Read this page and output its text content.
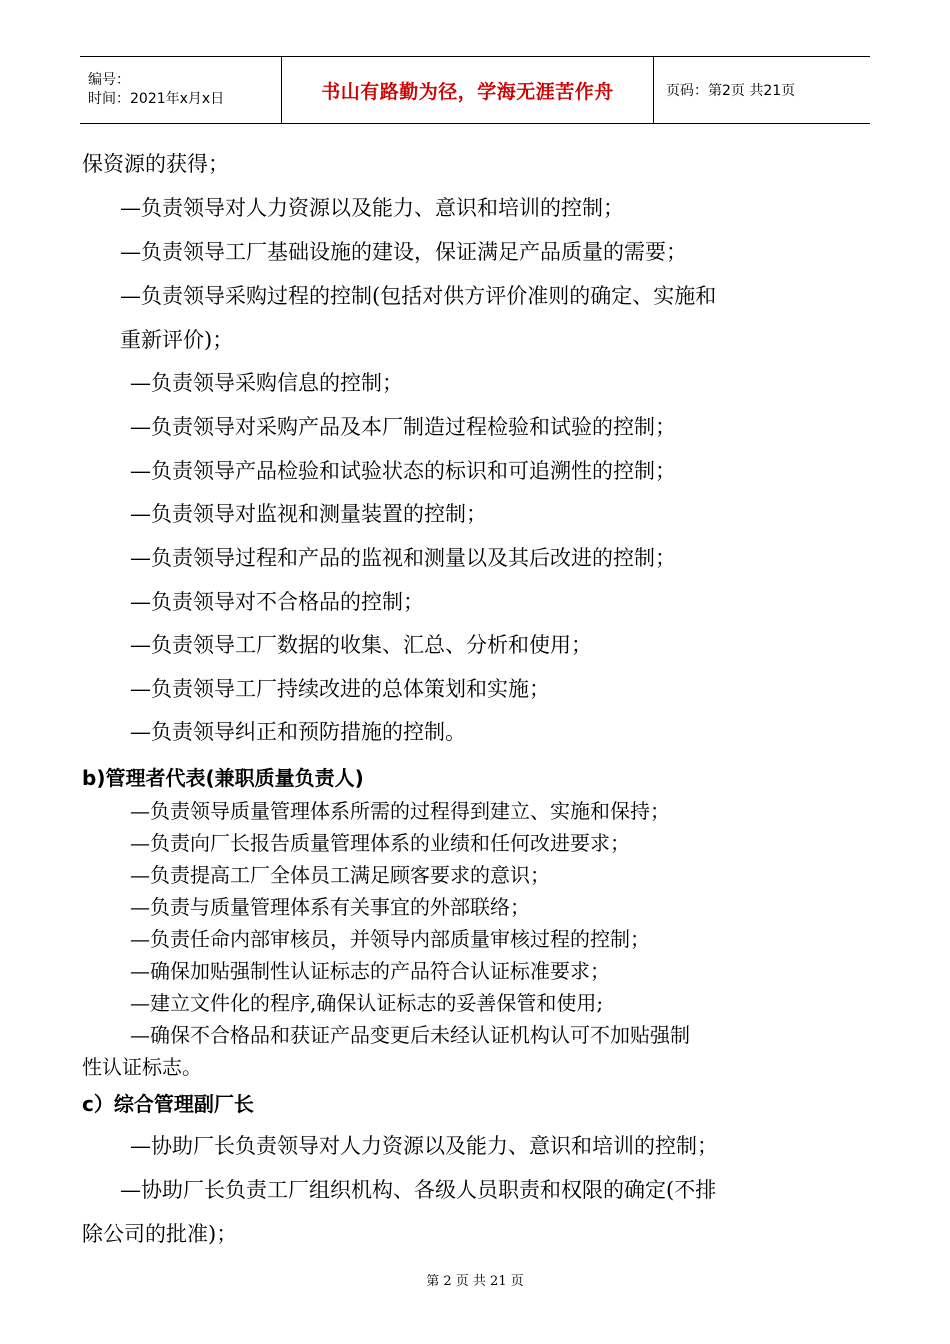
编号：
时间：2021年x月x日	书山有路勤为径，学海无涯苦作舟	页码：第2页 共21页
保资源的获得；
—负责领导对人力资源以及能力、意识和培训的控制；
—负责领导工厂基础设施的建设，保证满足产品质量的需要；
—负责领导采购过程的控制(包括对供方评价准则的确定、实施和
重新评价)；
—负责领导采购信息的控制；
—负责领导对采购产品及本厂制造过程检验和试验的控制；
—负责领导产品检验和试验状态的标识和可追溯性的控制；
—负责领导对监视和测量装置的控制；
—负责领导过程和产品的监视和测量以及其后改进的控制；
—负责领导对不合格品的控制；
—负责领导工厂数据的收集、汇总、分析和使用；
—负责领导工厂持续改进的总体策划和实施；
—负责领导纠正和预防措施的控制。
b)管理者代表(兼职质量负责人)
—负责领导质量管理体系所需的过程得到建立、实施和保持；
—负责向厂长报告质量管理体系的业绩和任何改进要求；
—负责提高工厂全体员工满足顾客要求的意识；
—负责与质量管理体系有关事宜的外部联络；
—负责任命内部审核员，并领导内部质量审核过程的控制；
—确保加贴强制性认证标志的产品符合认证标准要求；
—建立文件化的程序,确保认证标志的妥善保管和使用;
—确保不合格品和获证产品变更后未经认证机构认可不加贴强制
性认证标志。
c）综合管理副厂长
—协助厂长负责领导对人力资源以及能力、意识和培训的控制；
—协助厂长负责工厂组织机构、各级人员职责和权限的确定(不排
除公司的批准)；
第 2 页 共 21 页
